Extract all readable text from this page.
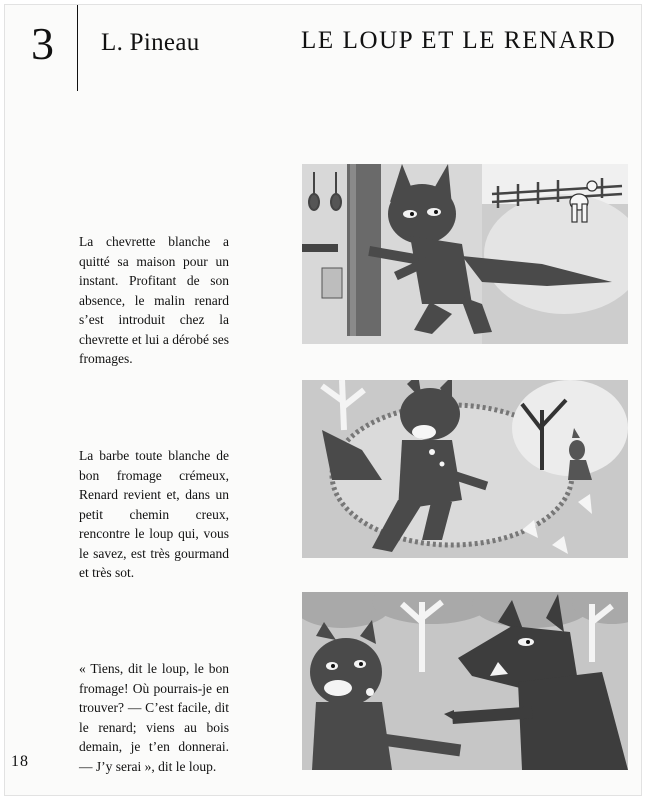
3 L. Pineau	LE LOUP ET LE RENARD
La chevrette blanche a quitté sa maison pour un instant. Profitant de son absence, le malin renard s’est introduit chez la chevrette et lui a dérobé ses fromages.
La barbe toute blanche de bon fromage crémeux, Renard revient et, dans un petit chemin creux, rencontre le loup qui, vous le savez, est très gourmand et très sot.
« Tiens, dit le loup, le bon fromage! Où pourrais-je en trouver? — C’est facile, dit le renard; viens au bois demain, je t’en donnerai. — J’y serai », dit le loup.
18
